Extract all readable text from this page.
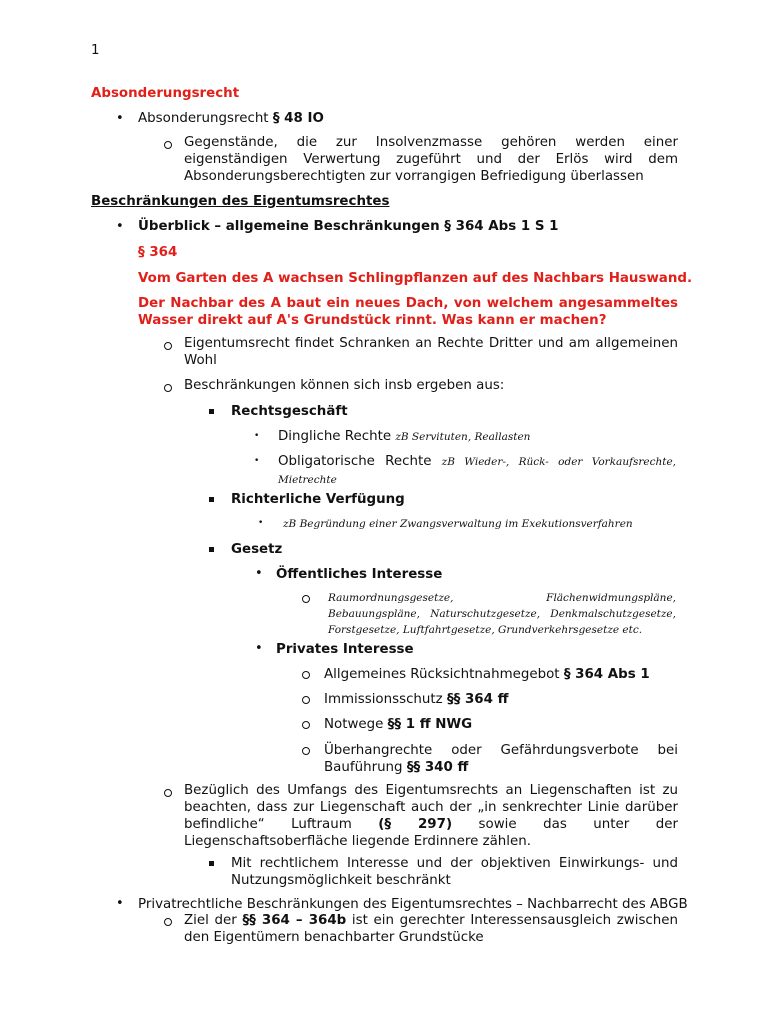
1
Absonderungsrecht
• Absonderungsrecht § 48 IO
Gegenstände, die zur Insolvenzmasse gehören werden einer eigenständigen Verwertung zugeführt und der Erlös wird dem Absonderungsberechtigten zur vorrangigen Befriedigung überlassen
Beschränkungen des Eigentumsrechtes
• Überblick – allgemeine Beschränkungen § 364 Abs 1 S 1
§ 364
Vom Garten des A wachsen Schlingpflanzen auf des Nachbars Hauswand.
Der Nachbar des A baut ein neues Dach, von welchem angesammeltes Wasser direkt auf A's Grundstück rinnt. Was kann er machen?
Eigentumsrecht findet Schranken an Rechte Dritter und am allgemeinen Wohl
Beschränkungen können sich insb ergeben aus:
Rechtsgeschäft
• Dingliche Rechte zB Servituten, Reallasten
• Obligatorische Rechte zB Wieder-, Rück- oder Vorkaufsrechte, Mietrechte
Richterliche Verfügung
• zB Begründung einer Zwangsverwaltung im Exekutionsverfahren
Gesetz
• Öffentliches Interesse
Raumordnungsgesetze, Flächenwidmungspläne, Bebauungspläne, Naturschutzgesetze, Denkmalschutzgesetze, Forstgesetze, Luftfahrtgesetze, Grundverkehrsgesetze etc.
• Privates Interesse
Allgemeines Rücksichtnahmegebot § 364 Abs 1
Immissionsschutz §§ 364 ff
Notwege §§ 1 ff NWG
Überhangrechte oder Gefährdungsverbote bei Bauführung §§ 340 ff
Bezüglich des Umfangs des Eigentumsrechts an Liegenschaften ist zu beachten, dass zur Liegenschaft auch der „in senkrechter Linie darüber befindliche“ Luftraum (§ 297) sowie das unter der Liegenschaftsoberfläche liegende Erdinnere zählen.
Mit rechtlichem Interesse und der objektiven Einwirkungs- und Nutzungsmöglichkeit beschränkt
• Privatrechtliche Beschränkungen des Eigentumsrechtes – Nachbarrecht des ABGB
Ziel der §§ 364 – 364b ist ein gerechter Interessensausgleich zwischen den Eigentümern benachbarter Grundstücke
